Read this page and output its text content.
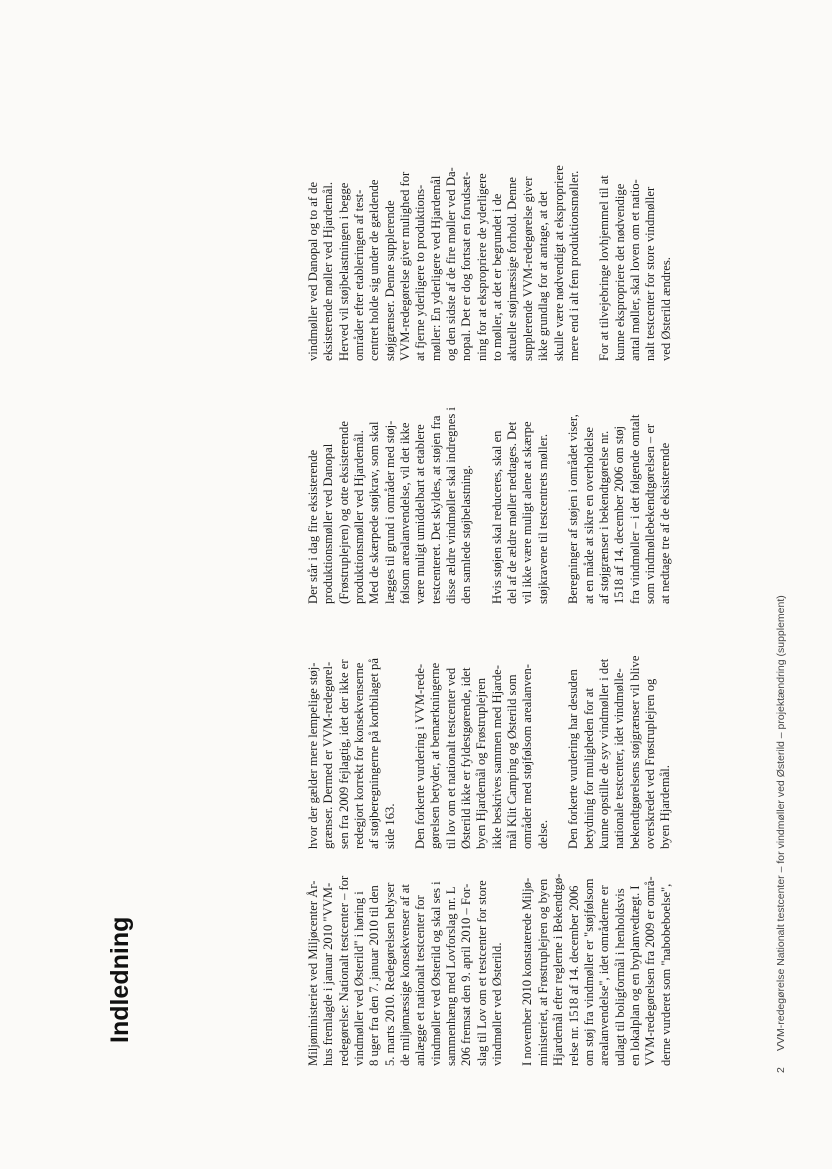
Indledning	Miljøministeriet ved Miljøcenter År- hus fremlagde i januar 2010 "VVM- redegørelse: Nationalt testcenter – for vindmøller ved Østerild" i høring i 8 uger fra den 7. januar 2010 til den 5. marts 2010. Redegørelsen belyser de miljømæssige konsekvenser af at anlægge et nationalt testcenter for vindmøller ved Østerild og skal ses i sammenhæng med Lovforslag nr. L 206 fremsat den 9. april 2010 – For- slag til Lov om et testcenter for store vindmøller ved Østerild. I november 2010 konstaterede Miljø- ministeriet, at Frøstruplejren og byen Hjardemål efter reglerne i Bekendtgø- relse nr. 1518 af 14. december 2006 om støj fra vindmøller er "støjfølsom arealanvendelse", idet områderne er udlagt til boligformål i henholdsvis en lokalplan og en byplanvedtægt. I VVM-redegørelsen fra 2009 er områ- derne vurderet som "nabobeboelse",

hvor der gælder mere lempelige støj- grænser. Dermed er VVM-redegørel- sen fra 2009 fejlagtig, idet der ikke er redegjort korrekt for konsekvenserne af støjberegningerne på kortbilaget på side 163. Den forkerte vurdering i VVM-rede- gørelsen betyder, at bemærkningerne til lov om et nationalt testcenter ved Østerild ikke er fyldestgørende, idet byen Hjardemål og Frøstruplejren ikke beskrives sammen med Hjarde- mål Klit Camping og Østerild som områder med støjfølsom arealanven- delse. Den forkerte vurdering har desuden betydning for muligheden for at kunne opstille de syv vindmøller i det nationale testcenter, idet vindmølle- bekendtgørelsens støjgrænser vil blive overskredet ved Frøstruplejren og byen Hjardemål.

Der står i dag fire eksisterende produktionsmøller ved Danopal (Frøstruplejren) og otte eksisterende produktionsmøller ved Hjardemål. Med de skærpede støjkrav, som skal lægges til grund i områder med støj- følsom arealanvendelse, vil det ikke være muligt umiddelbart at etablere testcenteret. Det skyldes, at støjen fra disse ældre vindmøller skal indregnes i den samlede støjbelastning. Hvis støjen skal reduceres, skal en del af de ældre møller nedtages. Det vil ikke være muligt alene at skærpe støjkravene til testcentrets møller. Beregninger af støjen i området viser, at en måde at sikre en overholdelse af støjgrænser i bekendtgørelse nr. 1518 af 14. december 2006 om støj fra vindmøller – i det følgende omtalt som vindmøllebekendtgørelsen – er at nedtage tre af de eksisterende

vindmøller ved Danopal og to af de eksisterende møller ved Hjardemål. Herved vil støjbelastningen i begge områder efter etableringen af test- centret holde sig under de gældende støjgrænser. Denne supplerende VVM-redegørelse giver mulighed for at fjerne yderligere to produktions- møller: En yderligere ved Hjardemål og den sidste af de fire møller ved Da- nopal. Det er dog fortsat en forudsæt- ning for at ekspropriere de yderligere to møller, at det er begrundet i de aktuelle støjmæssige forhold. Denne supplerende VVM-redegørelse giver ikke grundlag for at antage, at det skulle være nødvendigt at ekspropriere mere end i alt fem produktionsmøller. For at tilvejebringe lovhjemmel til at kunne ekspropriere det nødvendige antal møller, skal loven om et natio- nalt testcenter for store vindmøller ved Østerild ændres.

2
VVM-redegørelse Nationalt testcenter – for vindmøller ved Østerild – projektændring (supplement)
